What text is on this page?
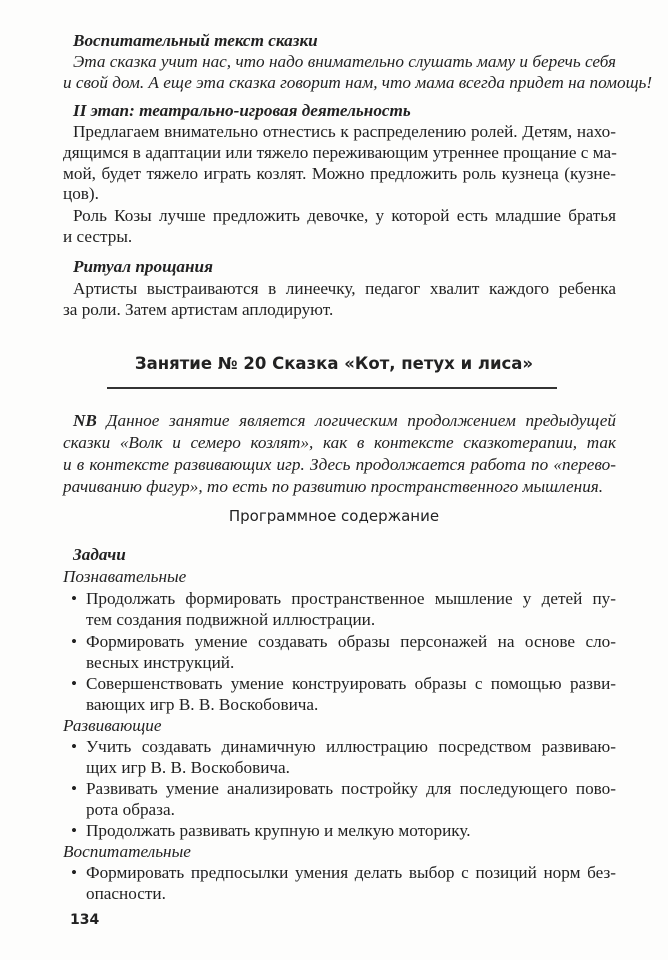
Воспитательный текст сказки
Эта сказка учит нас, что надо внимательно слушать маму и беречь себя
и свой дом. А еще эта сказка говорит нам, что мама всегда придет на помощь!
II этап: театрально-игровая деятельность
Предлагаем внимательно отнестись к распределению ролей. Детям, нахо-
дящимся в адаптации или тяжело переживающим утреннее прощание с ма-
мой, будет тяжело играть козлят. Можно предложить роль кузнеца (кузне-
цов).
Роль Козы лучше предложить девочке, у которой есть младшие братья
и сестры.
Ритуал прощания
Артисты выстраиваются в линеечку, педагог хвалит каждого ребенка
за роли. Затем артистам аплодируют.
NB Данное занятие является логическим продолжением предыдущей
сказки «Волк и семеро козлят», как в контексте сказкотерапии, так
и в контексте развивающих игр. Здесь продолжается работа по «перево-
рачиванию фигур», то есть по развитию пространственного мышления.
Задачи
Познавательные
• Продолжать формировать пространственное мышление у детей пу-
тем создания подвижной иллюстрации.
• Формировать умение создавать образы персонажей на основе сло-
весных инструкций.
• Совершенствовать умение конструировать образы с помощью разви-
вающих игр В. В. Воскобовича.
Развивающие
• Учить создавать динамичную иллюстрацию посредством развиваю-
щих игр В. В. Воскобовича.
• Развивать умение анализировать постройку для последующего пово-
рота образа.
• Продолжать развивать крупную и мелкую моторику.
Воспитательные
• Формировать предпосылки умения делать выбор с позиций норм без-
опасности.
Занятие № 20 Сказка «Кот, петух и лиса»
Программное содержание
134
